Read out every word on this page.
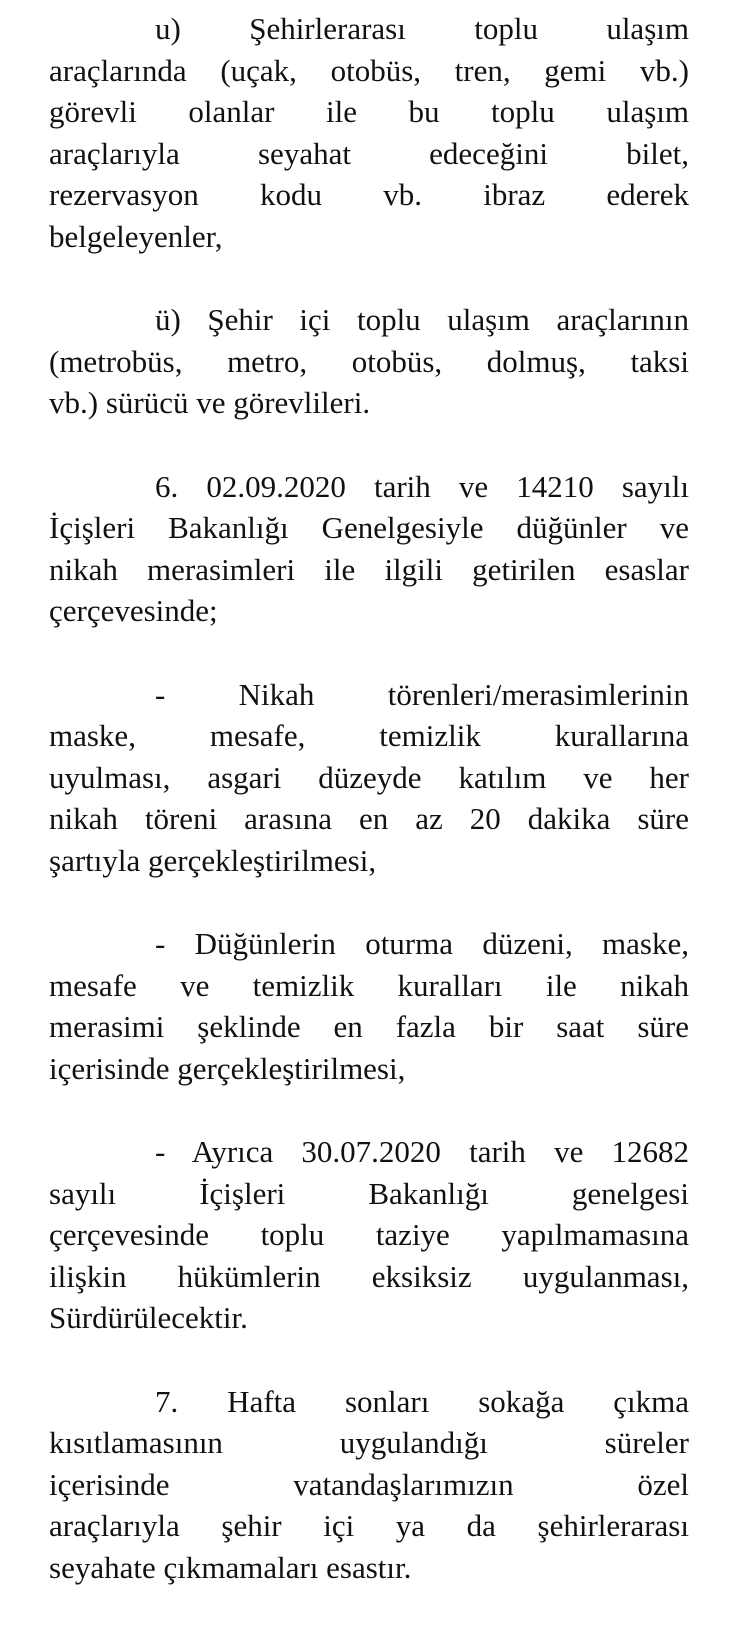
u) Şehirlerarası toplu ulaşım
araçlarında (uçak, otobüs, tren, gemi vb.)
görevli olanlar ile bu toplu ulaşım
araçlarıyla seyahat edeceğini bilet,
rezervasyon kodu vb. ibraz ederek
belgeleyenler,

ü) Şehir içi toplu ulaşım araçlarının
(metrobüs, metro, otobüs, dolmuş, taksi
vb.) sürücü ve görevlileri.

6. 02.09.2020 tarih ve 14210 sayılı
İçişleri Bakanlığı Genelgesiyle düğünler ve
nikah merasimleri ile ilgili getirilen esaslar
çerçevesinde;

- Nikah törenleri/merasimlerinin
maske, mesafe, temizlik kurallarına
uyulması, asgari düzeyde katılım ve her
nikah töreni arasına en az 20 dakika süre
şartıyla gerçekleştirilmesi,

- Düğünlerin oturma düzeni, maske,
mesafe ve temizlik kuralları ile nikah
merasimi şeklinde en fazla bir saat süre
içerisinde gerçekleştirilmesi,

- Ayrıca 30.07.2020 tarih ve 12682
sayılı İçişleri Bakanlığı genelgesi
çerçevesinde toplu taziye yapılmamasına
ilişkin hükümlerin eksiksiz uygulanması,
Sürdürülecektir.

7. Hafta sonları sokağa çıkma
kısıtlamasının uygulandığı süreler
içerisinde vatandaşlarımızın özel
araçlarıyla şehir içi ya da şehirlerarası
seyahate çıkmamaları esastır.
